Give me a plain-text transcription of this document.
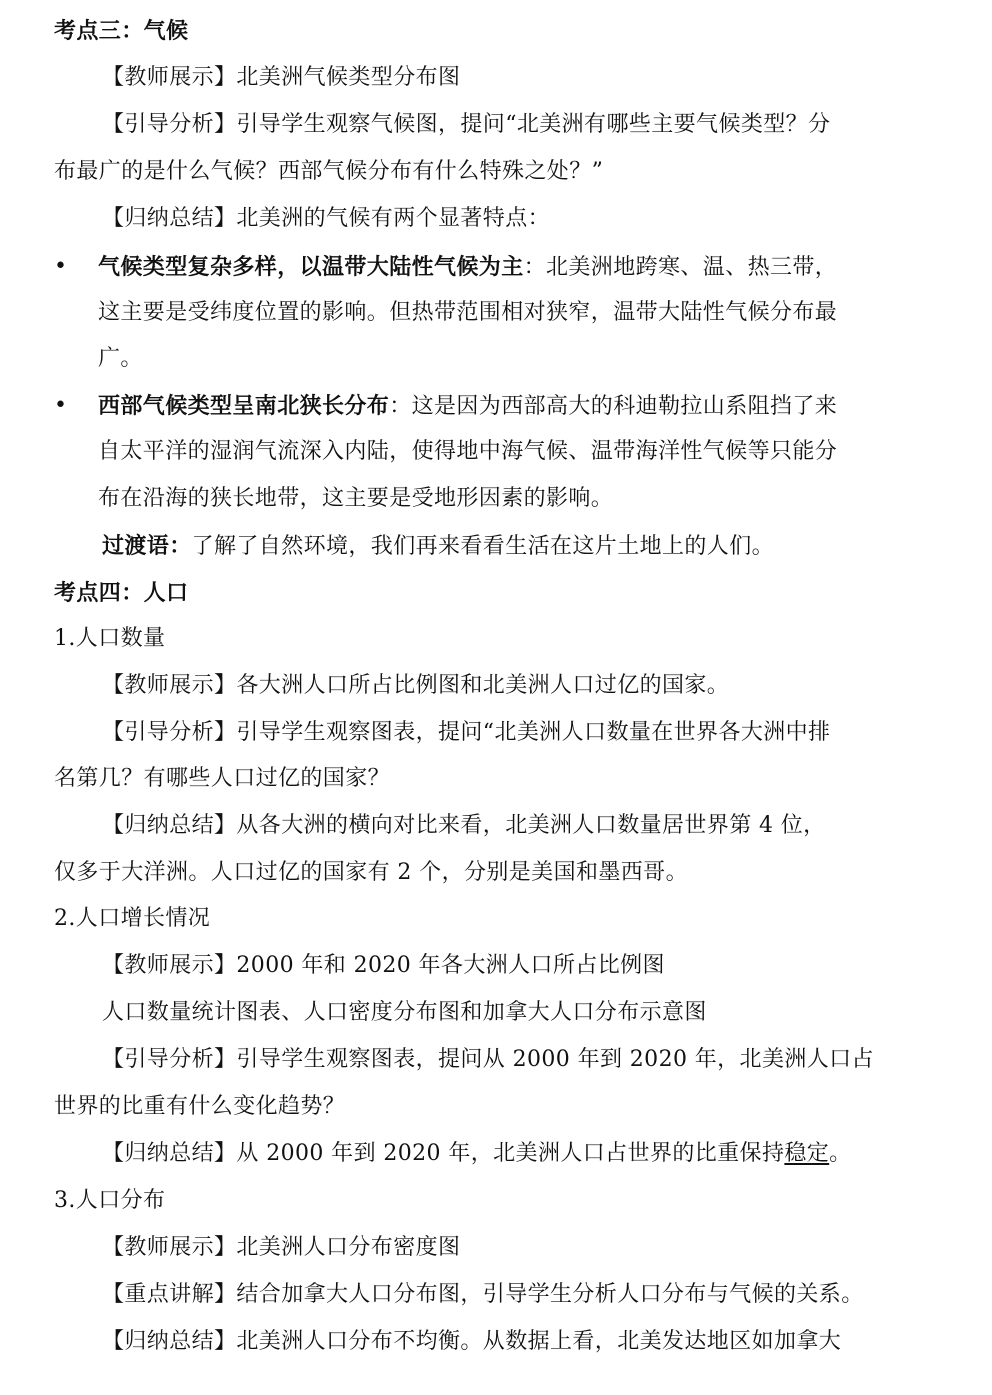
考点三：气候
【教师展示】北美洲气候类型分布图
【引导分析】引导学生观察气候图，提问“北美洲有哪些主要气候类型？分
布最广的是什么气候？西部气候分布有什么特殊之处？”
【归纳总结】北美洲的气候有两个显著特点：
• 气候类型复杂多样，以温带大陆性气候为主：北美洲地跨寒、温、热三带，
这主要是受纬度位置的影响。但热带范围相对狭窄，温带大陆性气候分布最
广。
• 西部气候类型呈南北狭长分布：这是因为西部高大的科迪勒拉山系阻挡了来
自太平洋的湿润气流深入内陆，使得地中海气候、温带海洋性气候等只能分
布在沿海的狭长地带，这主要是受地形因素的影响。
过渡语：了解了自然环境，我们再来看看生活在这片土地上的人们。
考点四：人口
1.人口数量
【教师展示】各大洲人口所占比例图和北美洲人口过亿的国家。
【引导分析】引导学生观察图表，提问“北美洲人口数量在世界各大洲中排
名第几？有哪些人口过亿的国家？
【归纳总结】从各大洲的横向对比来看，北美洲人口数量居世界第 4 位，
仅多于大洋洲。人口过亿的国家有 2 个，分别是美国和墨西哥。
2.人口增长情况
【教师展示】2000 年和 2020 年各大洲人口所占比例图
人口数量统计图表、人口密度分布图和加拿大人口分布示意图
【引导分析】引导学生观察图表，提问从 2000 年到 2020 年，北美洲人口占
世界的比重有什么变化趋势？
【归纳总结】从 2000 年到 2020 年，北美洲人口占世界的比重保持稳定。
3.人口分布
【教师展示】北美洲人口分布密度图
【重点讲解】结合加拿大人口分布图，引导学生分析人口分布与气候的关系。
【归纳总结】北美洲人口分布不均衡。从数据上看，北美发达地区如加拿大
